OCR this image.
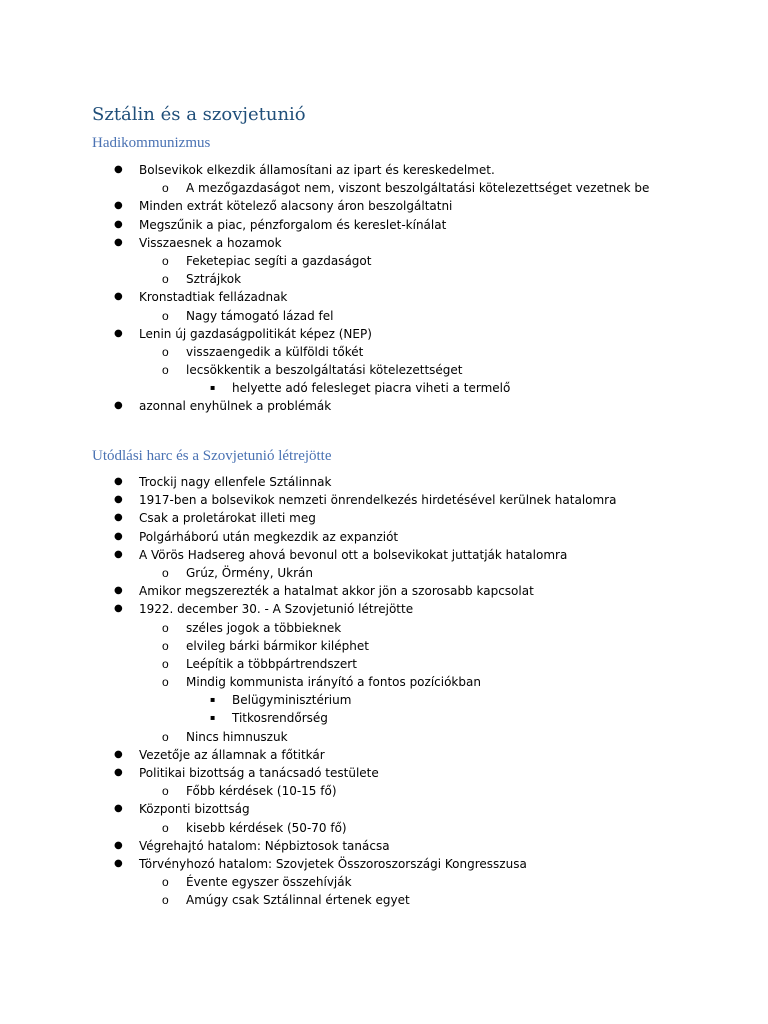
Sztálin és a szovjetunió
Hadikommunizmus
● Bolsevikok elkezdik államosítani az ipart és kereskedelmet.
o A mezőgazdaságot nem, viszont beszolgáltatási kötelezettséget vezetnek be
● Minden extrát kötelező alacsony áron beszolgáltatni
● Megszűnik a piac, pénzforgalom és kereslet-kínálat
● Visszaesnek a hozamok
o Feketepiac segíti a gazdaságot
o Sztrájkok
● Kronstadtiak fellázadnak
o Nagy támogató lázad fel
● Lenin új gazdaságpolitikát képez (NEP)
o visszaengedik a külföldi tőkét
o lecsökkentik a beszolgáltatási kötelezettséget
▪ helyette adó felesleget piacra viheti a termelő
● azonnal enyhülnek a problémák
Utódlási harc és a Szovjetunió létrejötte
● Trockij nagy ellenfele Sztálinnak
● 1917-ben a bolsevikok nemzeti önrendelkezés hirdetésével kerülnek hatalomra
● Csak a proletárokat illeti meg
● Polgárháború után megkezdik az expanziót
● A Vörös Hadsereg ahová bevonul ott a bolsevikokat juttatják hatalomra
o Grúz, Örmény, Ukrán
● Amikor megszerezték a hatalmat akkor jön a szorosabb kapcsolat
● 1922. december 30. - A Szovjetunió létrejötte
o széles jogok a többieknek
o elvileg bárki bármikor kiléphet
o Leépítik a többpártrendszert
o Mindig kommunista irányító a fontos pozíciókban
▪ Belügyminisztérium
▪ Titkosrendőrség
o Nincs himnuszuk
● Vezetője az államnak a főtitkár
● Politikai bizottság a tanácsadó testülete
o Főbb kérdések (10-15 fő)
● Központi bizottság
o kisebb kérdések (50-70 fő)
● Végrehajtó hatalom: Népbiztosok tanácsa
● Törvényhozó hatalom: Szovjetek Összoroszországi Kongresszusa
o Évente egyszer összehívják
o Amúgy csak Sztálinnal értenek egyet
